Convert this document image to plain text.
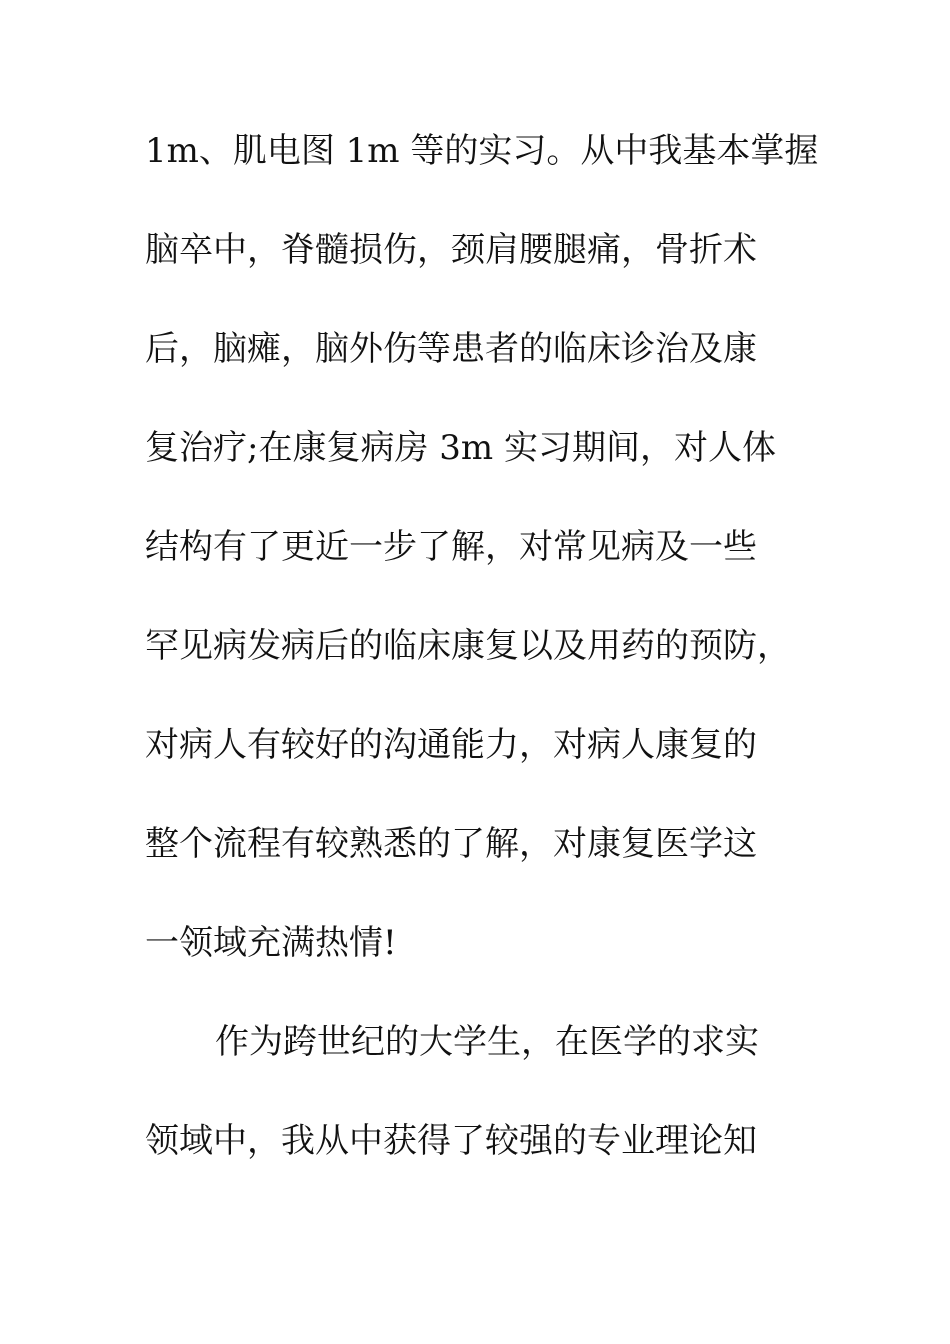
1m、肌电图 1m 等的实习。从中我基本掌握
脑卒中，脊髓损伤，颈肩腰腿痛，骨折术
后，脑瘫，脑外伤等患者的临床诊治及康
复治疗;在康复病房 3m 实习期间，对人体
结构有了更近一步了解，对常见病及一些
罕见病发病后的临床康复以及用药的预防，
对病人有较好的沟通能力，对病人康复的
整个流程有较熟悉的了解，对康复医学这
一领域充满热情!
作为跨世纪的大学生，在医学的求实
领域中，我从中获得了较强的专业理论知
